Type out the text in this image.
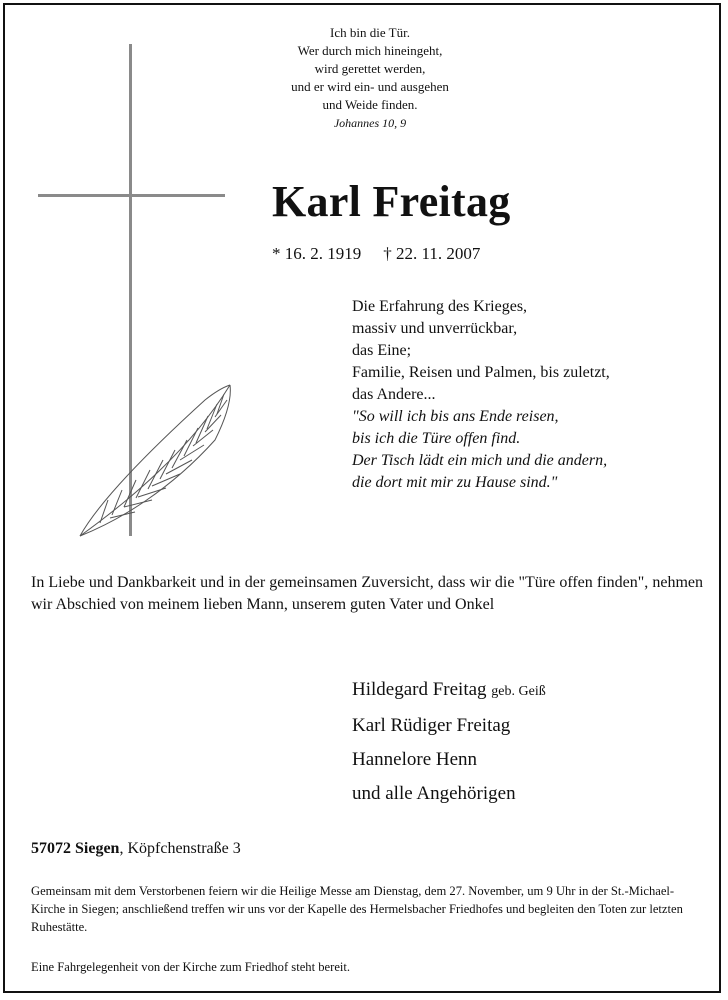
Ich bin die Tür.
Wer durch mich hineingeht,
wird gerettet werden,
und er wird ein- und ausgehen
und Weide finden.
Johannes 10, 9
Karl Freitag
* 16. 2. 1919 † 22. 11. 2007
Die Erfahrung des Krieges,
massiv und unverrückbar,
das Eine;
Familie, Reisen und Palmen, bis zuletzt,
das Andere...
"So will ich bis ans Ende reisen,
bis ich die Türe offen find.
Der Tisch lädt ein mich und die andern,
die dort mit mir zu Hause sind."
In Liebe und Dankbarkeit und in der gemeinsamen Zuversicht, dass wir die "Türe offen finden", nehmen wir Abschied von meinem lieben Mann, unserem guten Vater und Onkel
Hildegard Freitag geb. Geiß
Karl Rüdiger Freitag
Hannelore Henn
und alle Angehörigen
57072 Siegen, Köpfchenstraße 3
Gemeinsam mit dem Verstorbenen feiern wir die Heilige Messe am Dienstag, dem 27. November, um 9 Uhr in der St.-Michael-Kirche in Siegen; anschließend treffen wir uns vor der Kapelle des Hermelsbacher Friedhofes und begleiten den Toten zur letzten Ruhestätte.
Eine Fahrgelegenheit von der Kirche zum Friedhof steht bereit.
